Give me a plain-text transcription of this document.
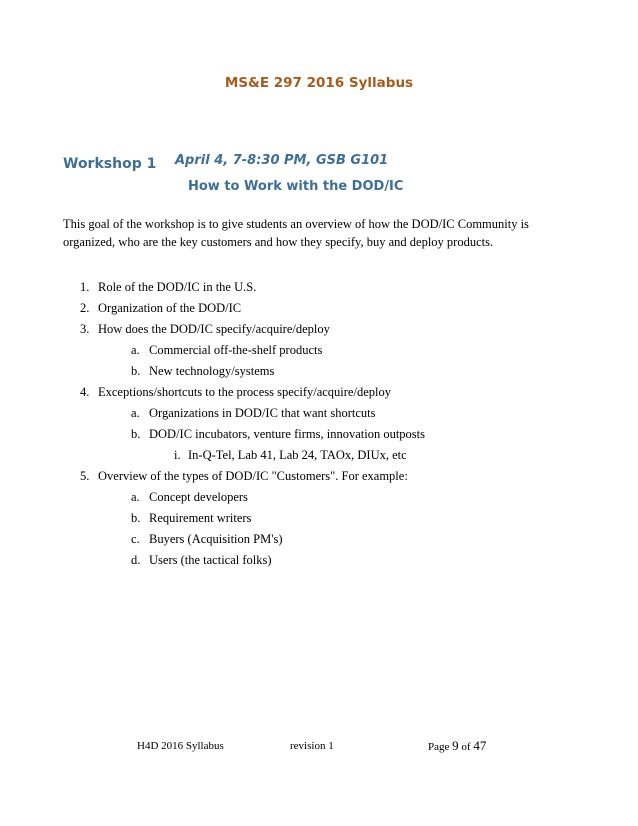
MS&E 297 2016 Syllabus
Workshop 1 April 4, 7-8:30 PM, GSB G101
How to Work with the DOD/IC
This goal of the workshop is to give students an overview of how the DOD/IC Community is organized, who are the key customers and how they specify, buy and deploy products.
1. Role of the DOD/IC in the U.S.
2. Organization of the DOD/IC
3. How does the DOD/IC specify/acquire/deploy
a. Commercial off-the-shelf products
b. New technology/systems
4. Exceptions/shortcuts to the process specify/acquire/deploy
a. Organizations in DOD/IC that want shortcuts
b. DOD/IC incubators, venture firms, innovation outposts
i. In-Q-Tel, Lab 41, Lab 24, TAOx, DIUx, etc
5. Overview of the types of DOD/IC "Customers". For example:
a. Concept developers
b. Requirement writers
c. Buyers (Acquisition PM's)
d. Users (the tactical folks)
H4D 2016 Syllabus	revision 1	Page 9 of 47
